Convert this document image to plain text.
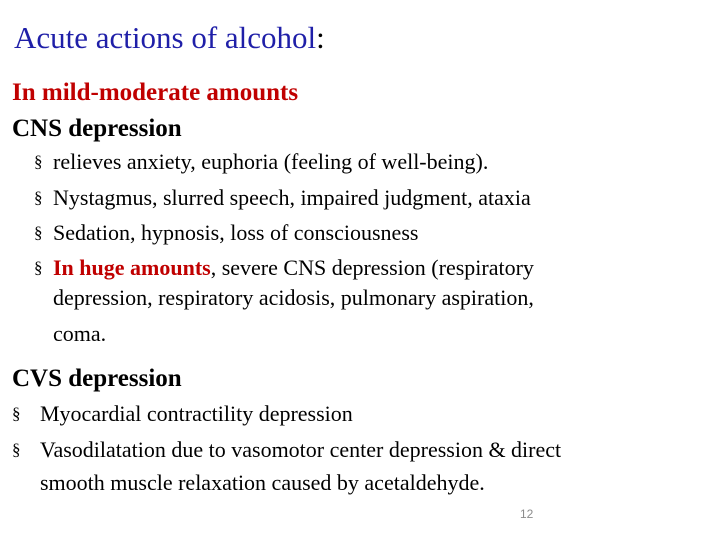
Acute actions of alcohol:
In mild-moderate amounts
CNS depression
§ relieves anxiety, euphoria (feeling of well-being).
§ Nystagmus, slurred speech, impaired judgment, ataxia
§ Sedation, hypnosis, loss of consciousness
§ In huge amounts, severe CNS depression (respiratory
depression, respiratory acidosis, pulmonary aspiration,
coma.
CVS depression
§ Myocardial contractility depression
§ Vasodilatation due to vasomotor center depression & direct
smooth muscle relaxation caused by acetaldehyde.
12
